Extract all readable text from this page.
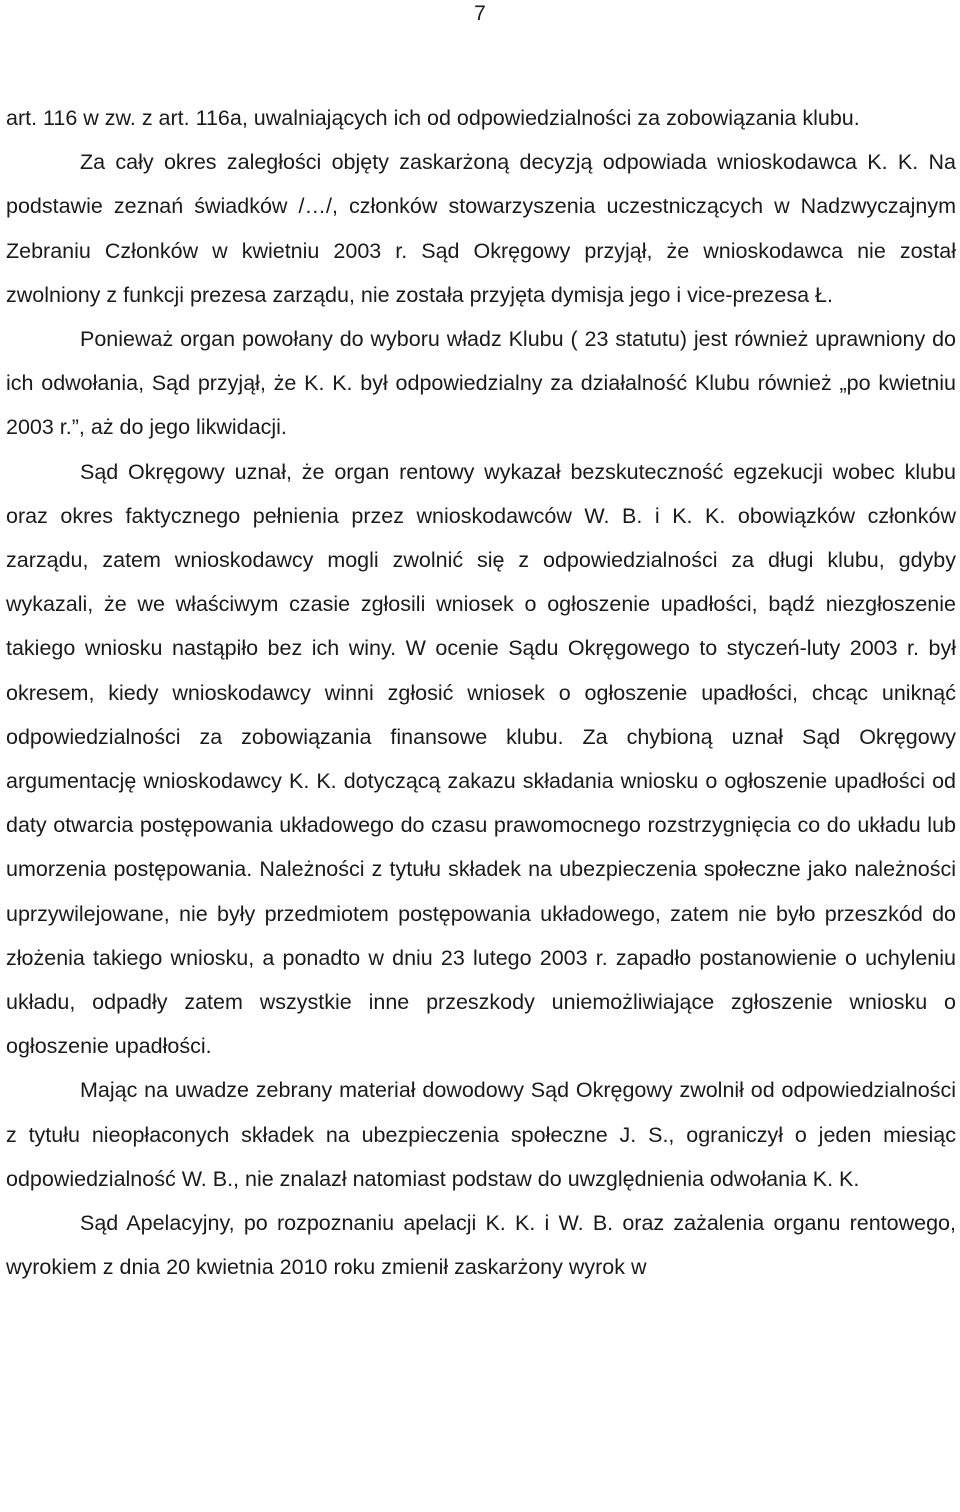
7

art. 116 w zw. z art. 116a, uwalniających ich od odpowiedzialności za zobowiązania klubu.

Za cały okres zaległości objęty zaskarżoną decyzją odpowiada wnioskodawca K. K. Na podstawie zeznań świadków /…/, członków stowarzyszenia uczestniczących w Nadzwyczajnym Zebraniu Członków w kwietniu 2003 r. Sąd Okręgowy przyjął, że wnioskodawca nie został zwolniony z funkcji prezesa zarządu, nie została przyjęta dymisja jego i vice-prezesa Ł.

Ponieważ organ powołany do wyboru władz Klubu ( 23 statutu) jest również uprawniony do ich odwołania, Sąd przyjął, że K. K. był odpowiedzialny za działalność Klubu również „po kwietniu 2003 r.”, aż do jego likwidacji.

Sąd Okręgowy uznał, że organ rentowy wykazał bezskuteczność egzekucji wobec klubu oraz okres faktycznego pełnienia przez wnioskodawców W. B. i K. K. obowiązków członków zarządu, zatem wnioskodawcy mogli zwolnić się z odpowiedzialności za długi klubu, gdyby wykazali, że we właściwym czasie zgłosili wniosek o ogłoszenie upadłości, bądź niezgłoszenie takiego wniosku nastąpiło bez ich winy. W ocenie Sądu Okręgowego to styczeń-luty 2003 r. był okresem, kiedy wnioskodawcy winni zgłosić wniosek o ogłoszenie upadłości, chcąc uniknąć odpowiedzialności za zobowiązania finansowe klubu. Za chybioną uznał Sąd Okręgowy argumentację wnioskodawcy K. K. dotyczącą zakazu składania wniosku o ogłoszenie upadłości od daty otwarcia postępowania układowego do czasu prawomocnego rozstrzygnięcia co do układu lub umorzenia postępowania. Należności z tytułu składek na ubezpieczenia społeczne jako należności uprzywilejowane, nie były przedmiotem postępowania układowego, zatem nie było przeszkód do złożenia takiego wniosku, a ponadto w dniu 23 lutego 2003 r. zapadło postanowienie o uchyleniu układu, odpadły zatem wszystkie inne przeszkody uniemożliwiające zgłoszenie wniosku o ogłoszenie upadłości.

Mając na uwadze zebrany materiał dowodowy Sąd Okręgowy zwolnił od odpowiedzialności z tytułu nieopłaconych składek na ubezpieczenia społeczne J. S., ograniczył o jeden miesiąc odpowiedzialność W. B., nie znalazł natomiast podstaw do uwzględnienia odwołania K. K.

Sąd Apelacyjny, po rozpoznaniu apelacji K. K. i W. B. oraz zażalenia organu rentowego, wyrokiem z dnia 20 kwietnia 2010 roku zmienił zaskarżony wyrok w
